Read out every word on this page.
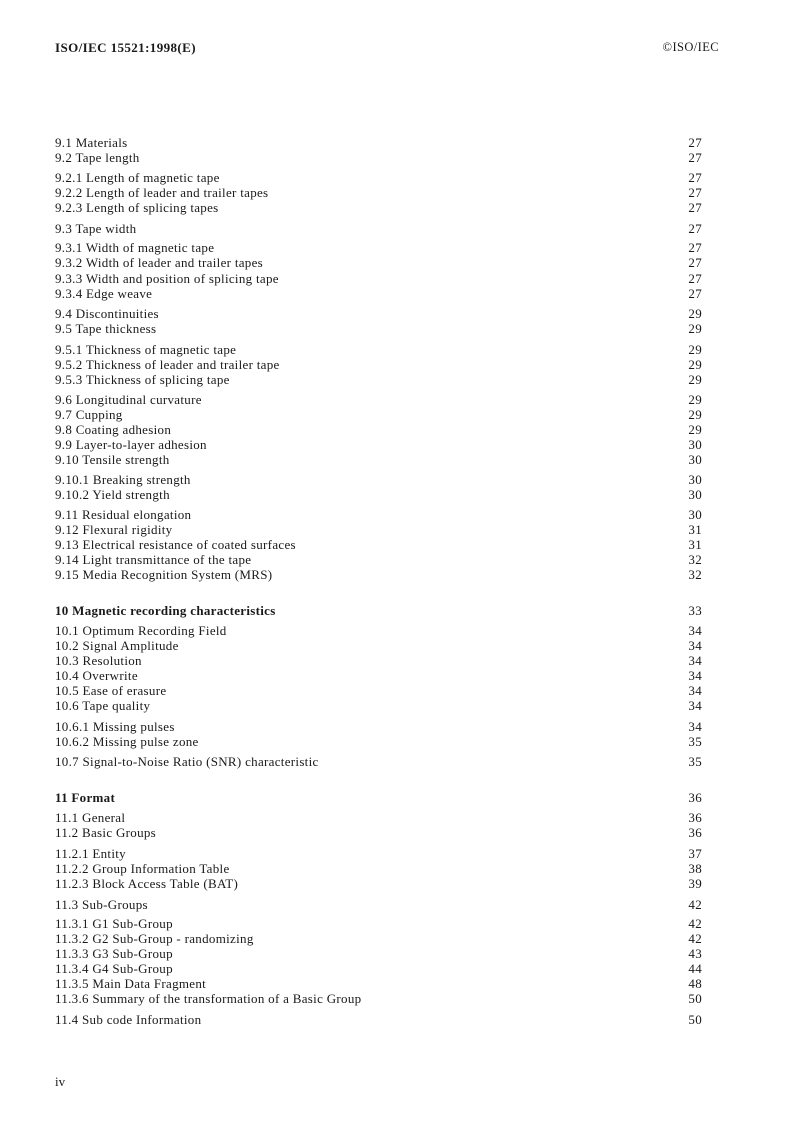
ISO/IEC 15521:1998(E)	©ISO/IEC
9.1 Materials	27
9.2 Tape length	27
9.2.1 Length of magnetic tape	27
9.2.2 Length of leader and trailer tapes	27
9.2.3 Length of splicing tapes	27
9.3 Tape width	27
9.3.1 Width of magnetic tape	27
9.3.2 Width of leader and trailer tapes	27
9.3.3 Width and position of splicing tape	27
9.3.4 Edge weave	27
9.4 Discontinuities	29
9.5 Tape thickness	29
9.5.1 Thickness of magnetic tape	29
9.5.2 Thickness of leader and trailer tape	29
9.5.3 Thickness of splicing tape	29
9.6 Longitudinal curvature	29
9.7 Cupping	29
9.8 Coating adhesion	29
9.9 Layer-to-layer adhesion	30
9.10 Tensile strength	30
9.10.1 Breaking strength	30
9.10.2 Yield strength	30
9.11 Residual elongation	30
9.12 Flexural rigidity	31
9.13 Electrical resistance of coated surfaces	31
9.14 Light transmittance of the tape	32
9.15 Media Recognition System (MRS)	32
10 Magnetic recording characteristics	33
10.1 Optimum Recording Field	34
10.2 Signal Amplitude	34
10.3 Resolution	34
10.4 Overwrite	34
10.5 Ease of erasure	34
10.6 Tape quality	34
10.6.1 Missing pulses	34
10.6.2 Missing pulse zone	35
10.7 Signal-to-Noise Ratio (SNR) characteristic	35
11 Format	36
11.1 General	36
11.2 Basic Groups	36
11.2.1 Entity	37
11.2.2 Group Information Table	38
11.2.3 Block Access Table (BAT)	39
11.3 Sub-Groups	42
11.3.1 G1 Sub-Group	42
11.3.2 G2 Sub-Group - randomizing	42
11.3.3 G3 Sub-Group	43
11.3.4 G4 Sub-Group	44
11.3.5 Main Data Fragment	48
11.3.6 Summary of the transformation of a Basic Group	50
11.4 Sub code Information	50
iv
